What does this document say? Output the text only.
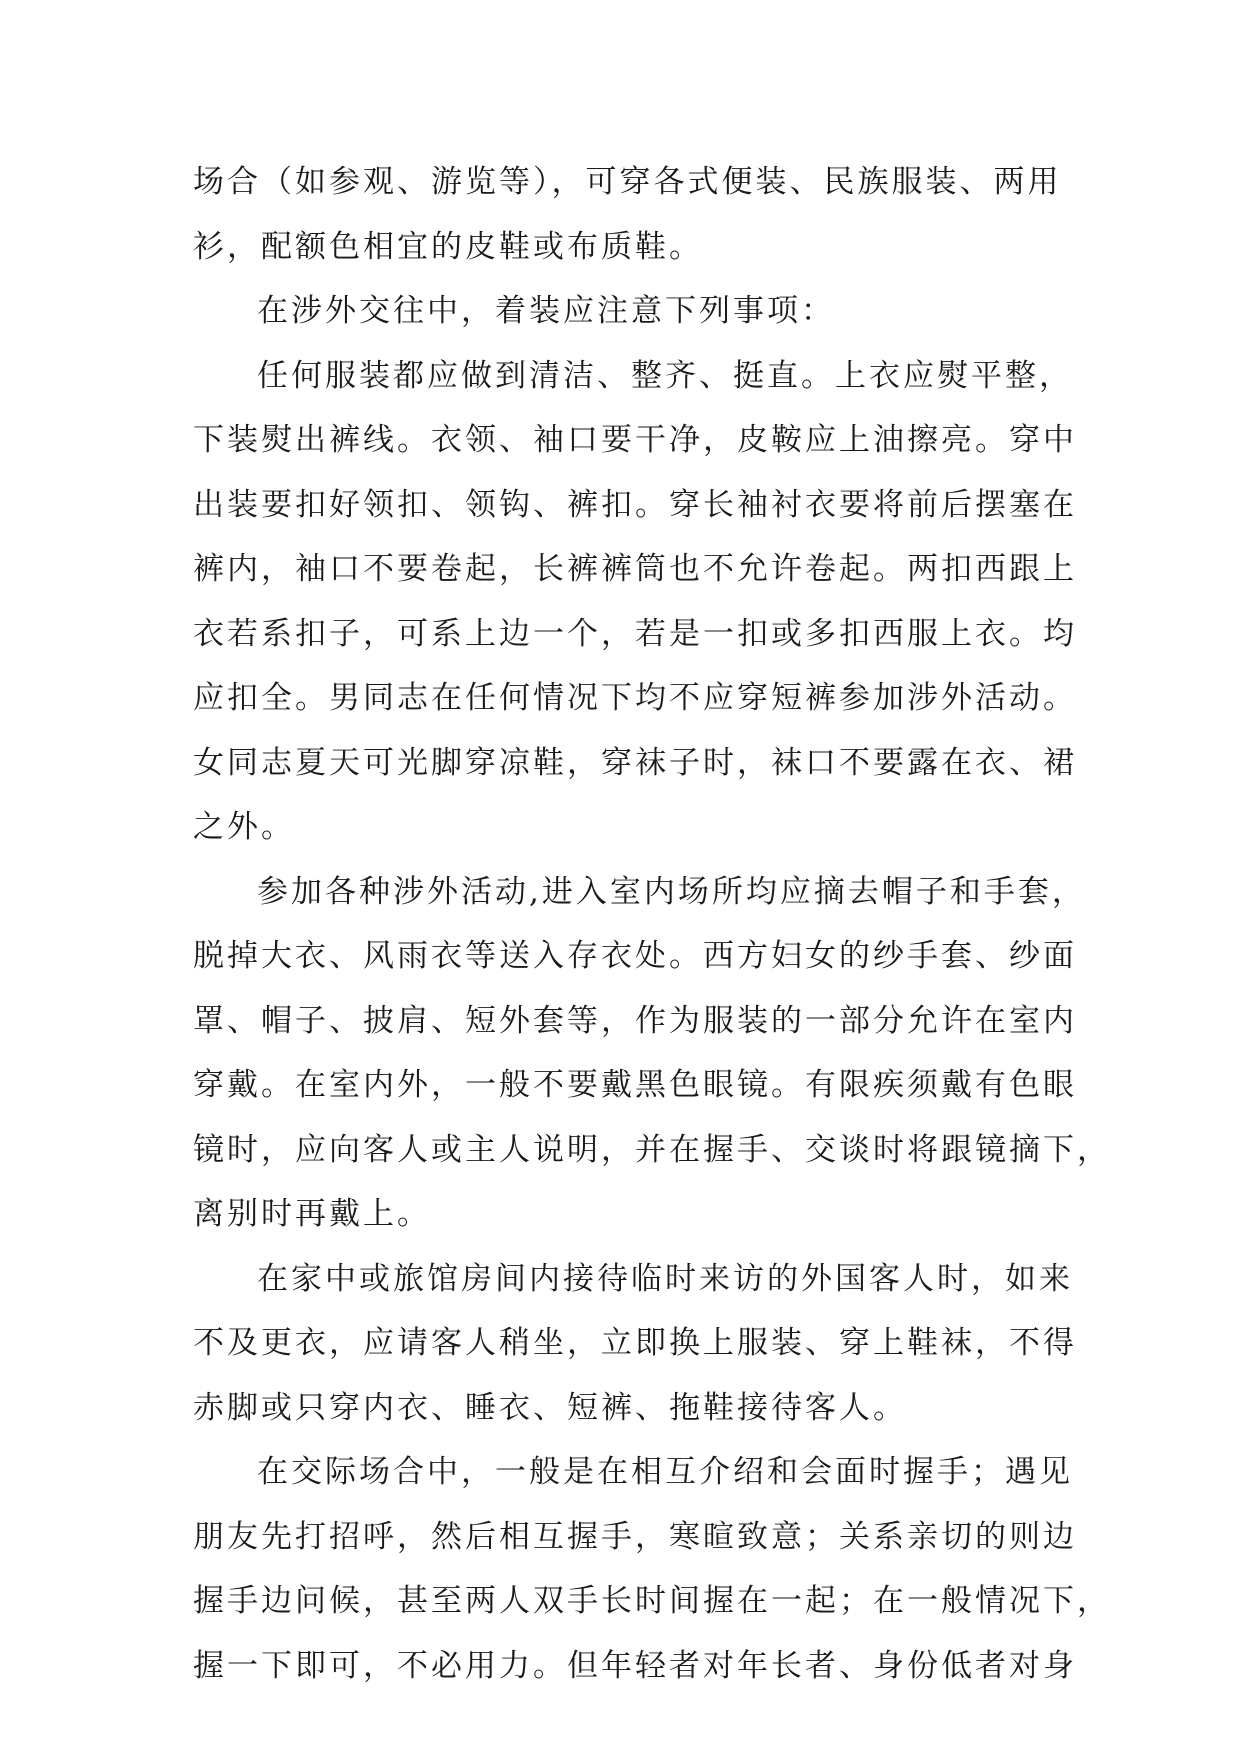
场合（如参观、游览等），可穿各式便装、民族服装、两用
衫，配额色相宜的皮鞋或布质鞋。
在涉外交往中，着装应注意下列事项：
任何服装都应做到清洁、整齐、挺直。上衣应熨平整，
下装熨出裤线。衣领、袖口要干净，皮鞍应上油擦亮。穿中
出装要扣好领扣、领钩、裤扣。穿长袖衬衣要将前后摆塞在
裤内，袖口不要卷起，长裤裤筒也不允许卷起。两扣西跟上
衣若系扣子，可系上边一个，若是一扣或多扣西服上衣。均
应扣全。男同志在任何情况下均不应穿短裤参加涉外活动。
女同志夏天可光脚穿凉鞋，穿袜子时，袜口不要露在衣、裙
之外。
参加各种涉外活动,进入室内场所均应摘去帽子和手套，
脱掉大衣、风雨衣等送入存衣处。西方妇女的纱手套、纱面
罩、帽子、披肩、短外套等，作为服装的一部分允许在室内
穿戴。在室内外，一般不要戴黑色眼镜。有限疾须戴有色眼
镜时，应向客人或主人说明，并在握手、交谈时将跟镜摘下，
离别时再戴上。
在家中或旅馆房间内接待临时来访的外国客人时，如来
不及更衣，应请客人稍坐，立即换上服装、穿上鞋袜，不得
赤脚或只穿内衣、睡衣、短裤、拖鞋接待客人。
在交际场合中，一般是在相互介绍和会面时握手；遇见
朋友先打招呼，然后相互握手，寒暄致意；关系亲切的则边
握手边问候，甚至两人双手长时间握在一起；在一般情况下，
握一下即可，不必用力。但年轻者对年长者、身份低者对身
